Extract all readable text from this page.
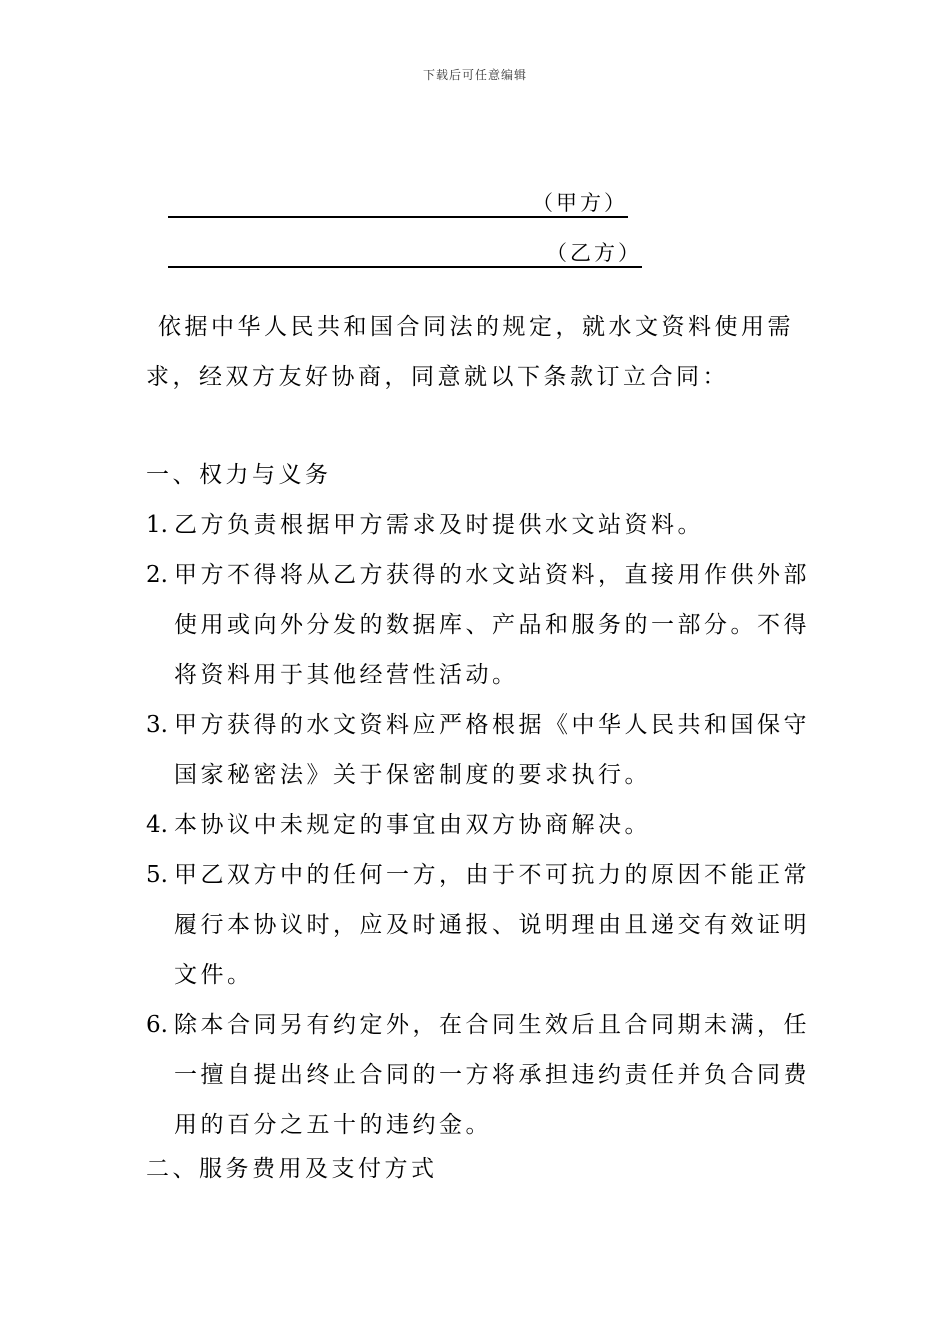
下载后可任意编辑
（甲方）
（乙方）
依据中华人民共和国合同法的规定，就水文资料使用需求，经双方友好协商，同意就以下条款订立合同：
一、权力与义务
1. 乙方负责根据甲方需求及时提供水文站资料。
2. 甲方不得将从乙方获得的水文站资料，直接用作供外部使用或向外分发的数据库、产品和服务的一部分。不得将资料用于其他经营性活动。
3. 甲方获得的水文资料应严格根据《中华人民共和国保守国家秘密法》关于保密制度的要求执行。
4. 本协议中未规定的事宜由双方协商解决。
5. 甲乙双方中的任何一方，由于不可抗力的原因不能正常履行本协议时，应及时通报、说明理由且递交有效证明文件。
6. 除本合同另有约定外，在合同生效后且合同期未满，任一擅自提出终止合同的一方将承担违约责任并负合同费用的百分之五十的违约金。
二、服务费用及支付方式
